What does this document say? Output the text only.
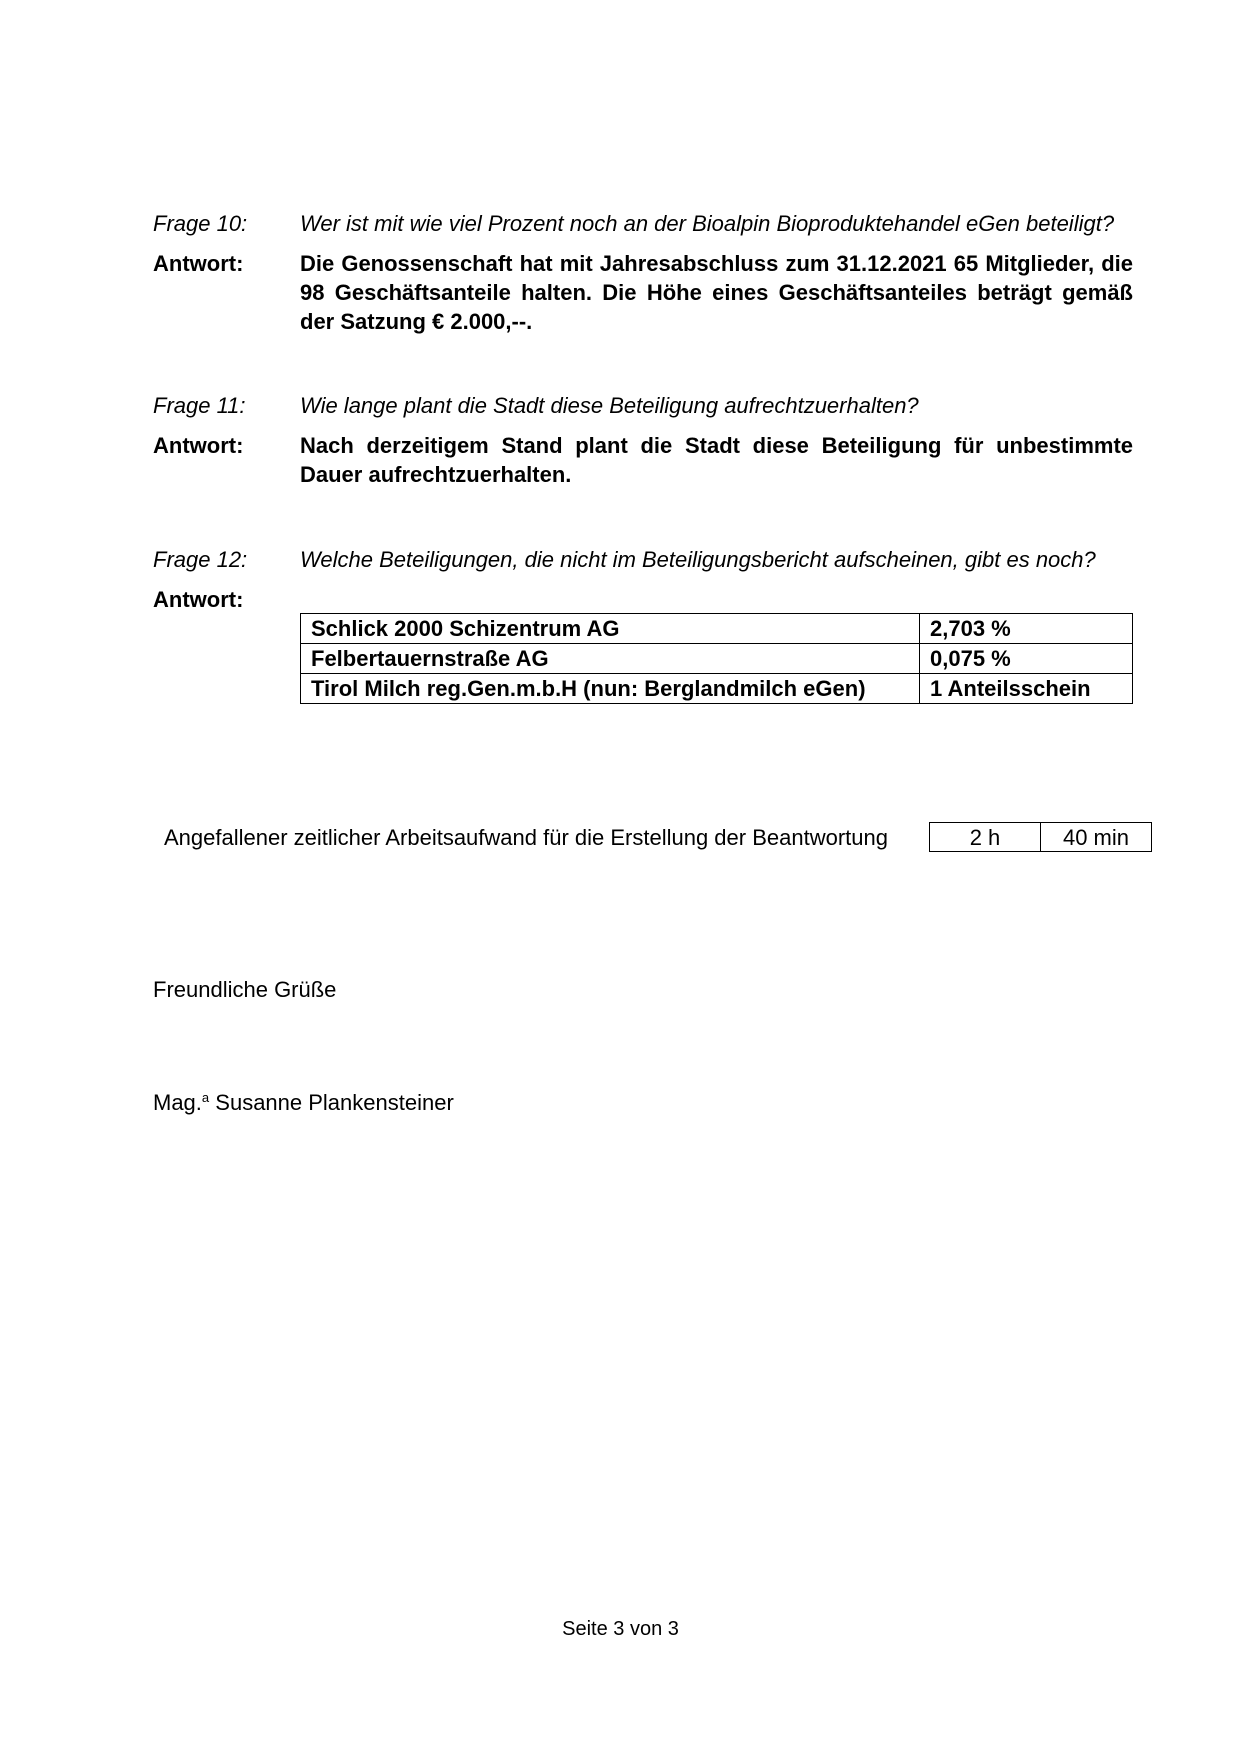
Frage 10:	Wer ist mit wie viel Prozent noch an der Bioalpin Bioproduktehandel eGen beteiligt?
Antwort:	Die Genossenschaft hat mit Jahresabschluss zum 31.12.2021 65 Mitglieder, die 98 Geschäftsanteile halten. Die Höhe eines Geschäftsanteiles beträgt gemäß der Satzung € 2.000,--.
Frage 11:	Wie lange plant die Stadt diese Beteiligung aufrechtzuerhalten?
Antwort:	Nach derzeitigem Stand plant die Stadt diese Beteiligung für unbestimmte Dauer aufrechtzuerhalten.
Frage 12:	Welche Beteiligungen, die nicht im Beteiligungsbericht aufscheinen, gibt es noch?
Antwort:
Schlick 2000 Schizentrum AG	2,703 %
Felbertauernstraße AG	0,075 %
Tirol Milch reg.Gen.m.b.H (nun: Berglandmilch eGen)	1 Anteilsschein
Angefallener zeitlicher Arbeitsaufwand für die Erstellung der Beantwortung	2 h	40 min
Freundliche Grüße
Mag.$^a$ Susanne Plankensteiner
Seite 3 von 3
